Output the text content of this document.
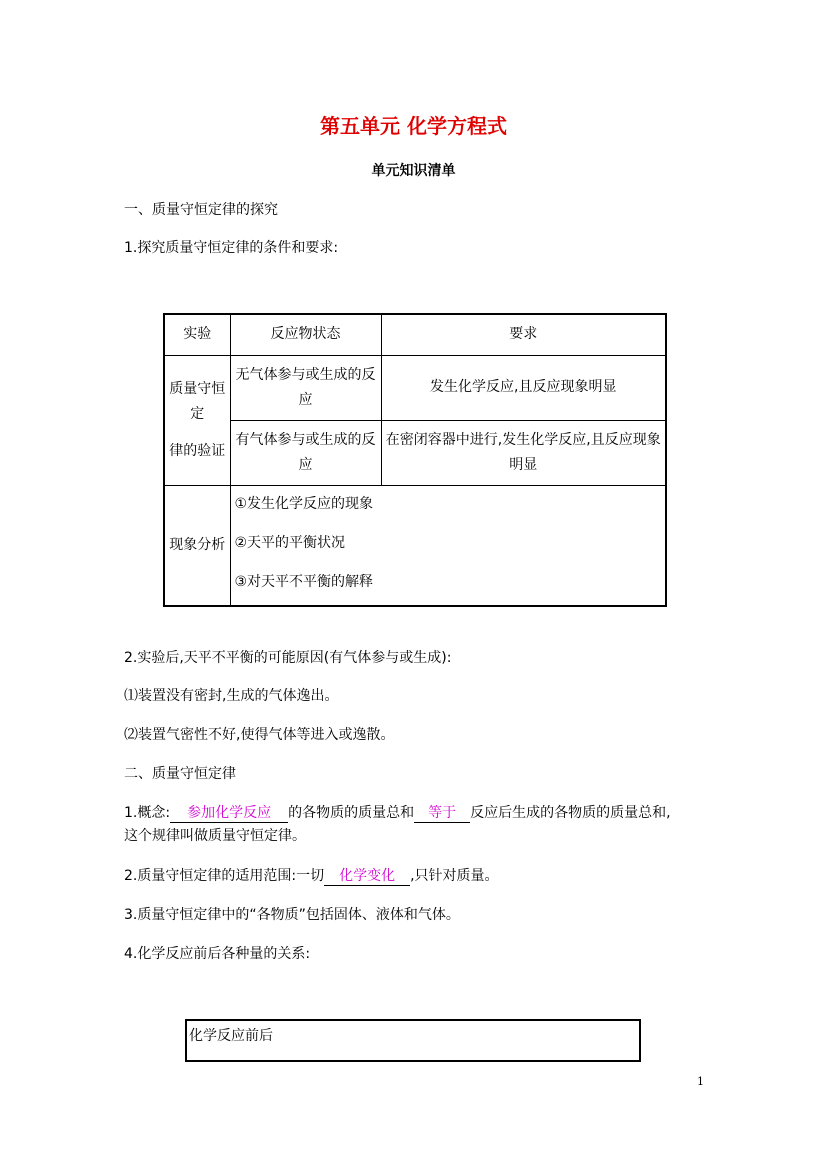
第五单元 化学方程式
单元知识清单
一、质量守恒定律的探究
1.探究质量守恒定律的条件和要求:
实验	反应物状态	要求

质量守恒定
律的验证	无气体参与或生成的反应	发生化学反应,且反应现象明显
	有气体参与或生成的反应	在密闭容器中进行,发生化学反应,且反应现象明显
现象分析	①发生化学反应的现象
②天平的平衡状况
③对天平不平衡的解释	
2.实验后,天平不平衡的可能原因(有气体参与或生成):
⑴装置没有密封,生成的气体逸出。
⑵装置气密性不好,使得气体等进入或逸散。
二、质量守恒定律
1.概念: 参加化学反应 的各物质的质量总和 等于 反应后生成的各物质的质量总和,
这个规律叫做质量守恒定律。
2.质量守恒定律的适用范围:一切 化学变化 ,只针对质量。
3.质量守恒定律中的“各物质”包括固体、液体和气体。
4.化学反应前后各种量的关系:
化学反应前后
1
